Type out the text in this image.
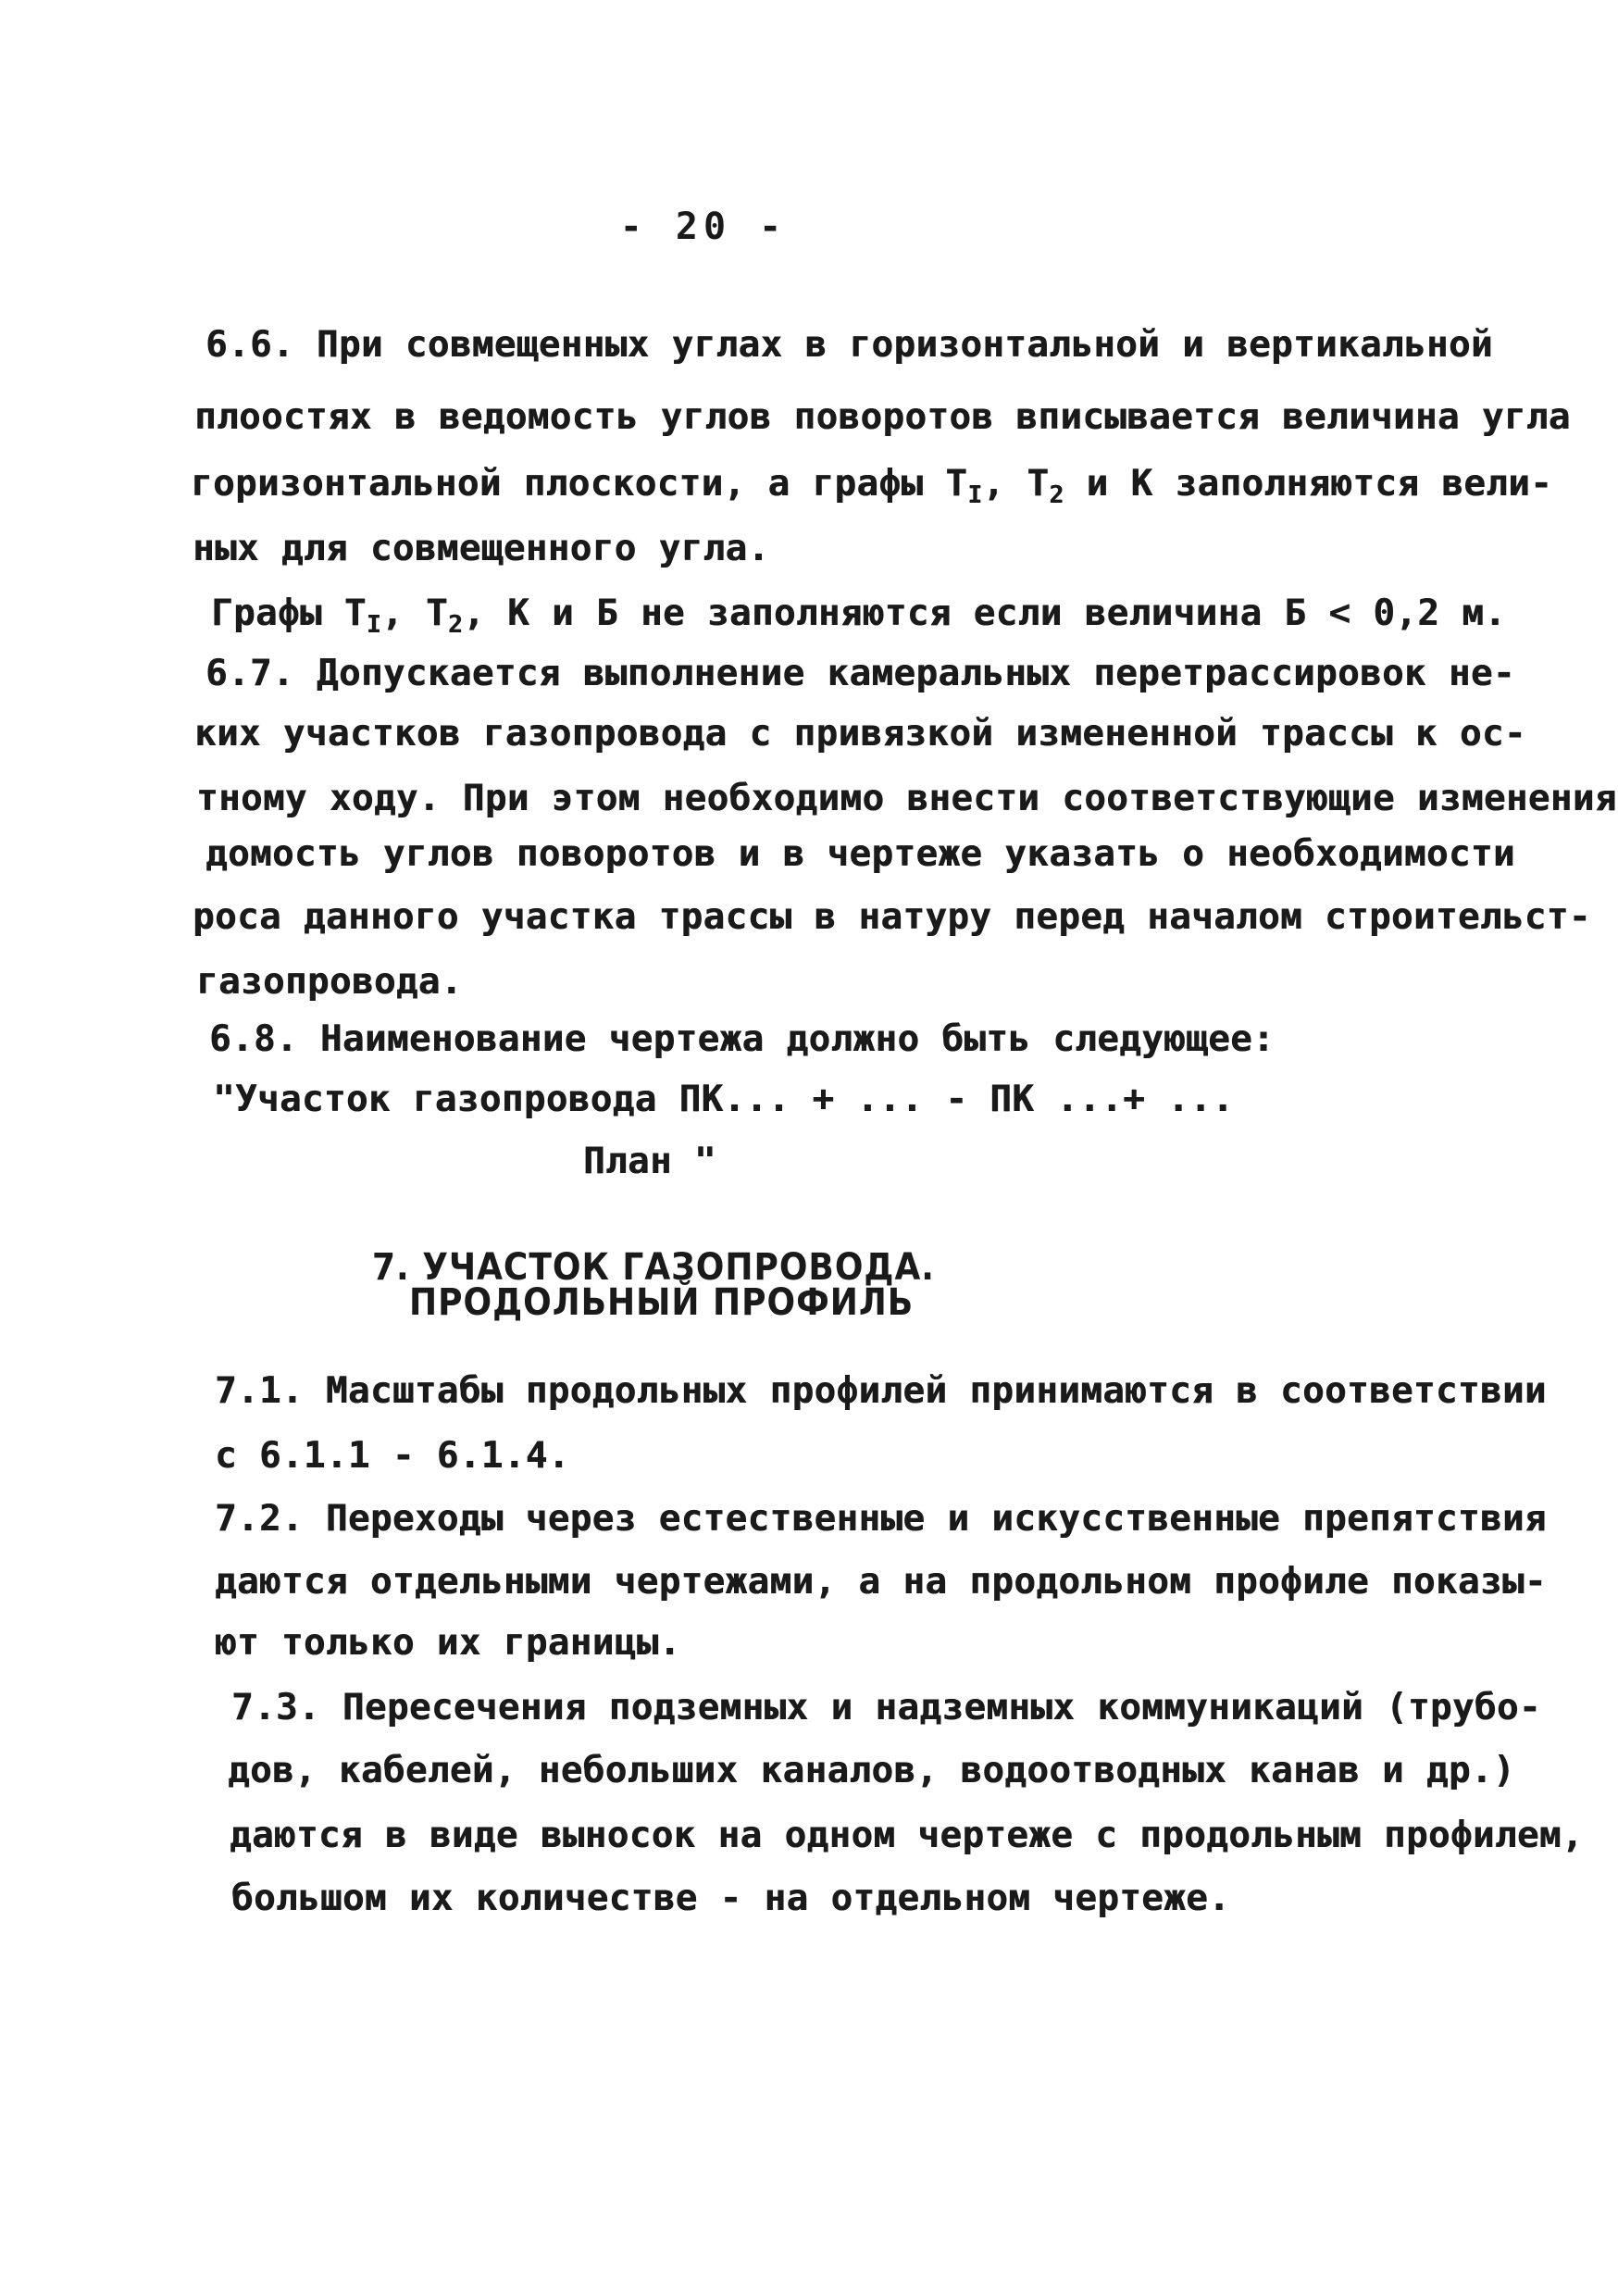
- 20 -
6.6. При совмещенных углах в горизонтальной и вертикальной
плоостях в ведомость углов поворотов вписывается величина угла
горизонтальной плоскости, а графы $T_I$, $T_2$ и К заполняются вели-
ных для совмещенного угла.
Графы $T_I$, $T_2$, К и Б не заполняются если величина Б < 0,2 м.
6.7. Допускается выполнение камеральных перетрассировок не-
ких участков газопровода с привязкой измененной трассы к ос-
тному ходу. При этом необходимо внести соответствующие изменения
домость углов поворотов и в чертеже указать о необходимости
роса данного участка трассы в натуру перед началом строительст-
газопровода.
6.8. Наименование чертежа должно быть следующее:
"Участок газопровода ПК... + ... - ПК ...+ ...
План "
7. УЧАСТОК ГАЗОПРОВОДА.
ПРОДОЛЬНЫЙ ПРОФИЛЬ
7.1. Масштабы продольных профилей принимаются в соответствии
с 6.1.1 - 6.1.4.
7.2. Переходы через естественные и искусственные препятствия
даются отдельными чертежами, а на продольном профиле показы-
ют только их границы.
7.3. Пересечения подземных и надземных коммуникаций (трубо-
дов, кабелей, небольших каналов, водоотводных канав и др.)
даются в виде выносок на одном чертеже с продольным профилем,
большом их количестве - на отдельном чертеже.
